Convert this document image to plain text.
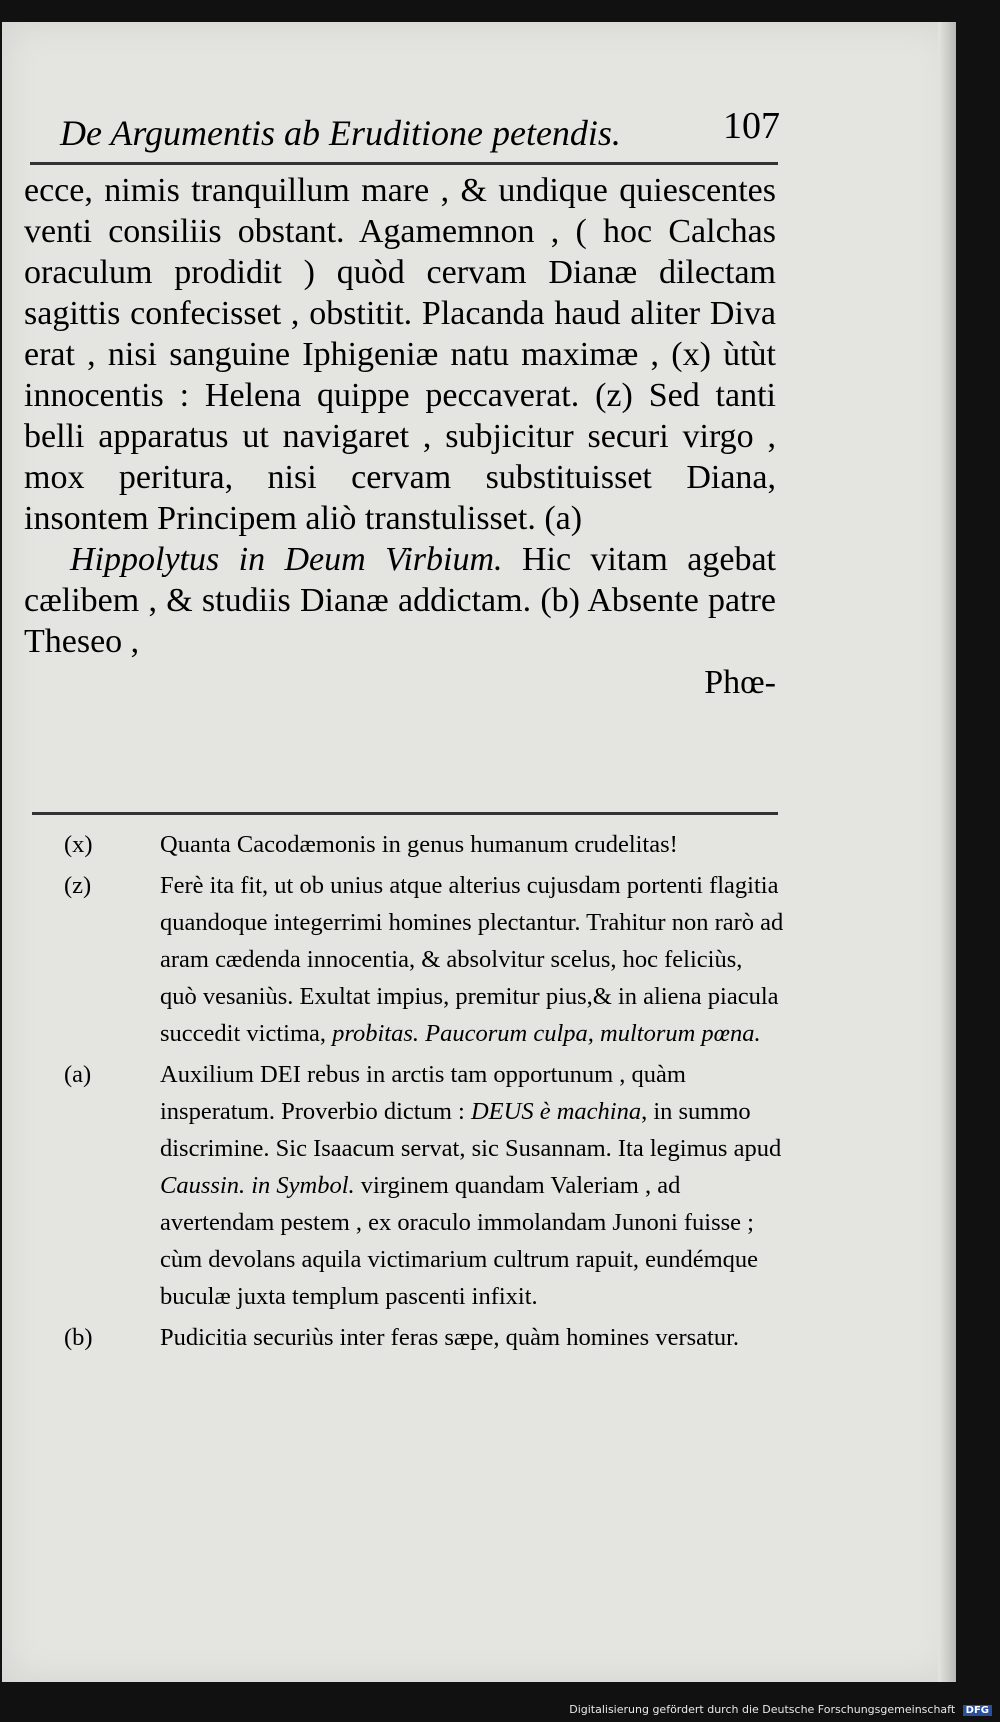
De Argumentis ab Eruditione petendis.	107

ecce, nimis tranquillum mare , & undique quiescentes venti consiliis obstant. Agamemnon , ( hoc Calchas oraculum prodidit ) quòd cervam Dianæ dilectam sagittis confecisset , obstitit. Placanda haud aliter Diva erat , nisi sanguine Iphigeniæ natu maximæ , (x) ùtùt innocentis : Helena quippe peccaverat. (z) Sed tanti belli apparatus ut navigaret , subjicitur securi virgo , mox peritura, nisi cervam substituisset Diana, insontem Principem aliò transtulisset. (a)

Hippolytus in Deum Virbium. Hic vitam agebat cælibem , & studiis Dianæ addictam. (b) Absente patre Theseo ,

Phœ-

(x)	Quanta Cacodæmonis in genus humanum crudelitas!

(z)	Ferè ita fit, ut ob unius atque alterius cujusdam portenti flagitia quandoque integerrimi homines plectantur. Trahitur non rarò ad aram cædenda innocentia, & absolvitur scelus, hoc feliciùs, quò vesaniùs. Exultat impius, premitur pius,& in aliena piacula succedit victima, probitas. Paucorum culpa, multorum pœna.

(a)	Auxilium DEI rebus in arctis tam opportunum , quàm insperatum. Proverbio dictum : DEUS è machina, in summo discrimine. Sic Isaacum servat, sic Susannam. Ita legimus apud Caussin. in Symbol. virginem quandam Valeriam , ad avertendam pestem , ex oraculo immolandam Junoni fuisse ; cùm devolans aquila victimarium cultrum rapuit, eundémque buculæ juxta templum pascenti infixit.

(b)	Pudicitia securiùs inter feras sæpe, quàm homines versatur.

Digitalisierung gefördert durch die Deutsche Forschungsgemeinschaft DFG
